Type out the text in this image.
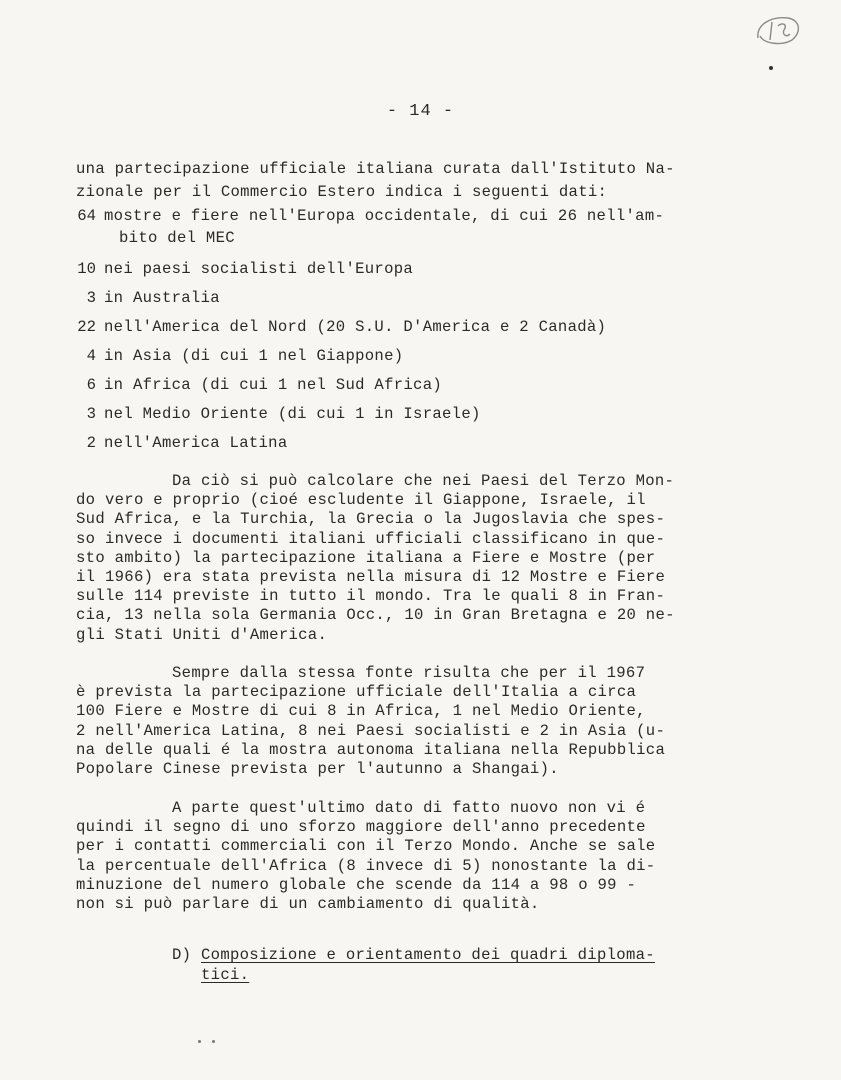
- 14 -
una partecipazione ufficiale italiana curata dall'Istituto Na-
zionale per il Commercio Estero indica i seguenti dati:
64 mostre e fiere nell'Europa occidentale, di cui 26 nell'am-
bito del MEC
10 nei paesi socialisti dell'Europa
3 in Australia
22 nell'America del Nord (20 S.U. D'America e 2 Canadà)
4 in Asia (di cui 1 nel Giappone)
6 in Africa (di cui 1 nel Sud Africa)
3 nel Medio Oriente (di cui 1 in Israele)
2 nell'America Latina
Da ciò si può calcolare che nei Paesi del Terzo Mon-
do vero e proprio (cioé escludente il Giappone, Israele, il
Sud Africa, e la Turchia, la Grecia o la Jugoslavia che spes-
so invece i documenti italiani ufficiali classificano in que-
sto ambito) la partecipazione italiana a Fiere e Mostre (per
il 1966) era stata prevista nella misura di 12 Mostre e Fiere
sulle 114 previste in tutto il mondo. Tra le quali 8 in Fran-
cia, 13 nella sola Germania Occ., 10 in Gran Bretagna e 20 ne-
gli Stati Uniti d'America.
Sempre dalla stessa fonte risulta che per il 1967
è prevista la partecipazione ufficiale dell'Italia a circa
100 Fiere e Mostre di cui 8 in Africa, 1 nel Medio Oriente,
2 nell'America Latina, 8 nei Paesi socialisti e 2 in Asia (u-
na delle quali é la mostra autonoma italiana nella Repubblica
Popolare Cinese prevista per l'autunno a Shangai).
A parte quest'ultimo dato di fatto nuovo non vi é
quindi il segno di uno sforzo maggiore dell'anno precedente
per i contatti commerciali con il Terzo Mondo. Anche se sale
la percentuale dell'Africa (8 invece di 5) nonostante la di-
minuzione del numero globale che scende da 114 a 98 o 99 -
non si può parlare di un cambiamento di qualità.
D) Composizione e orientamento dei quadri diploma-
tici.
